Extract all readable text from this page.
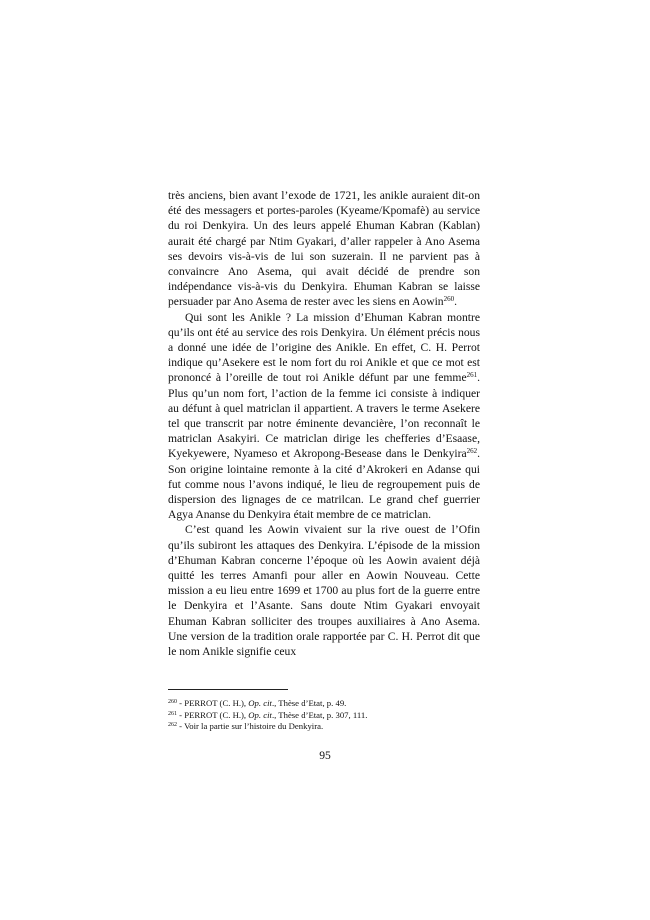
très anciens, bien avant l’exode de 1721, les anikle auraient dit-on été des messagers et portes-paroles (Kyeame/Kpomafè) au service du roi Denkyira. Un des leurs appelé Ehuman Kabran (Kablan) aurait été chargé par Ntim Gyakari, d’aller rappeler à Ano Asema ses devoirs vis-à-vis de lui son suzerain. Il ne parvient pas à convaincre Ano Asema, qui avait décidé de prendre son indépendance vis-à-vis du Denkyira. Ehuman Kabran se laisse persuader par Ano Asema de rester avec les siens en Aowin$^{260}$.

Qui sont les Anikle ? La mission d’Ehuman Kabran montre qu’ils ont été au service des rois Denkyira. Un élément précis nous a donné une idée de l’origine des Anikle. En effet, C. H. Perrot indique qu’Asekere est le nom fort du roi Anikle et que ce mot est prononcé à l’oreille de tout roi Anikle défunt par une femme$^{261}$. Plus qu’un nom fort, l’action de la femme ici consiste à indiquer au défunt à quel matriclan il appartient. A travers le terme Asekere tel que transcrit par notre éminente devancière, l’on reconnaît le matriclan Asakyiri. Ce matriclan dirige les chefferies d’Esaase, Kyekyewere, Nyameso et Akropong-Besease dans le Denkyira$^{262}$. Son origine lointaine remonte à la cité d’Akrokeri en Adanse qui fut comme nous l’avons indiqué, le lieu de regroupement puis de dispersion des lignages de ce matrilcan. Le grand chef guerrier Agya Ananse du Denkyira était membre de ce matriclan.

C’est quand les Aowin vivaient sur la rive ouest de l’Ofin qu’ils subiront les attaques des Denkyira. L’épisode de la mission d’Ehuman Kabran concerne l’époque où les Aowin avaient déjà quitté les terres Amanfi pour aller en Aowin Nouveau. Cette mission a eu lieu entre 1699 et 1700 au plus fort de la guerre entre le Denkyira et l’Asante. Sans doute Ntim Gyakari envoyait Ehuman Kabran solliciter des troupes auxiliaires à Ano Asema. Une version de la tradition orale rapportée par C. H. Perrot dit que le nom Anikle signifie ceux

$^{260}$ - PERROT (C. H.), Op. cit., Thèse d’Etat, p. 49.

$^{261}$ - PERROT (C. H.), Op. cit., Thèse d’Etat, p. 307, 111.

$^{262}$ - Voir la partie sur l’histoire du Denkyira.

95
